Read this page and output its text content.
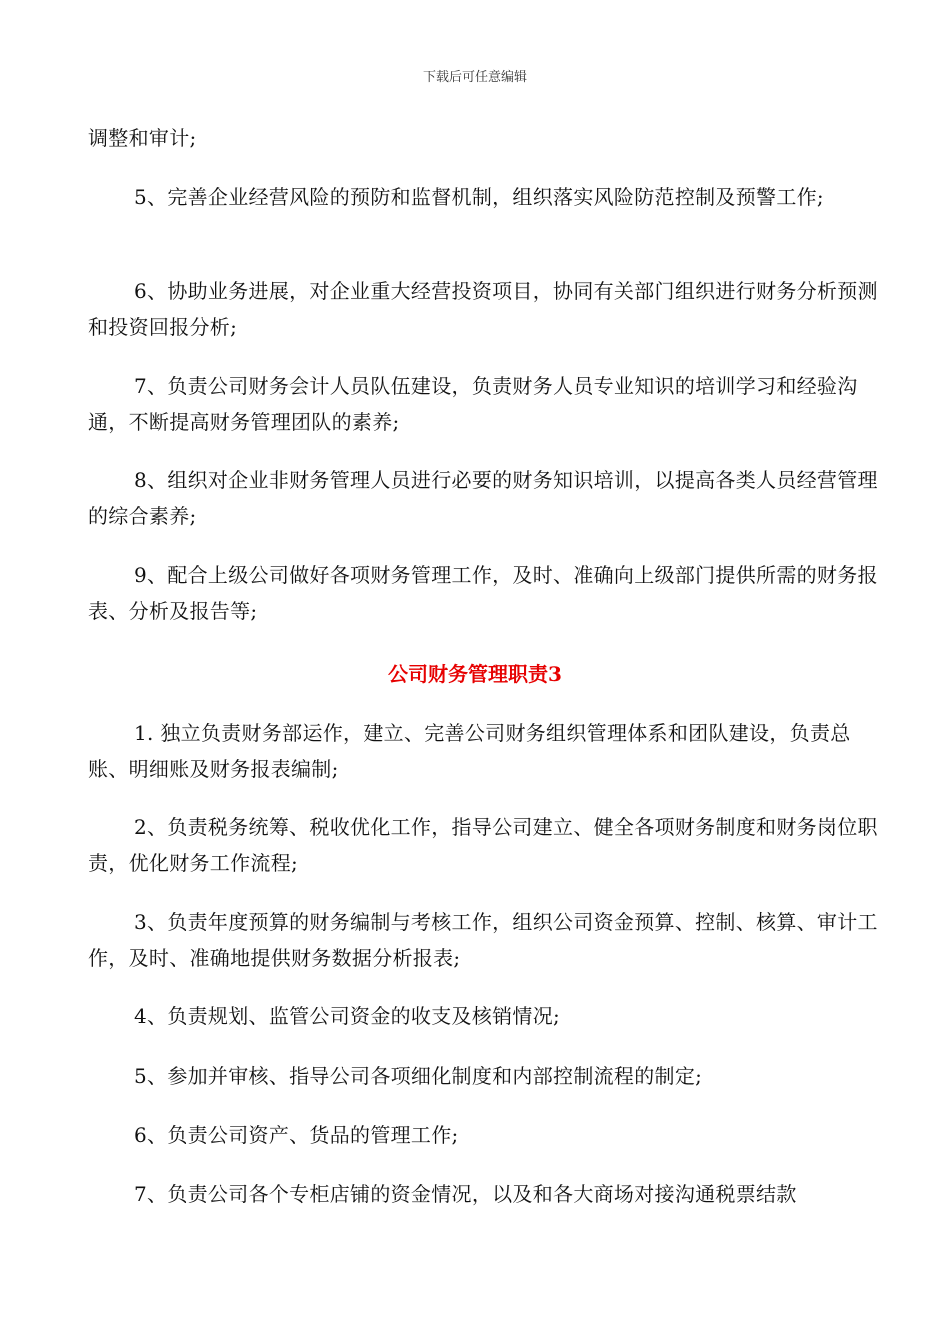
下载后可任意编辑

调整和审计;

5、完善企业经营风险的预防和监督机制，组织落实风险防范控制及预警工作;

6、协助业务进展，对企业重大经营投资项目，协同有关部门组织进行财务分析预测和投资回报分析;

7、负责公司财务会计人员队伍建设，负责财务人员专业知识的培训学习和经验沟通，不断提高财务管理团队的素养;

8、组织对企业非财务管理人员进行必要的财务知识培训，以提高各类人员经营管理的综合素养;

9、配合上级公司做好各项财务管理工作，及时、准确向上级部门提供所需的财务报表、分析及报告等;

公司财务管理职责3

1. 独立负责财务部运作，建立、完善公司财务组织管理体系和团队建设，负责总账、明细账及财务报表编制;

2、负责税务统筹、税收优化工作，指导公司建立、健全各项财务制度和财务岗位职责，优化财务工作流程;

3、负责年度预算的财务编制与考核工作，组织公司资金预算、控制、核算、审计工作，及时、准确地提供财务数据分析报表;

4、负责规划、监管公司资金的收支及核销情况;

5、参加并审核、指导公司各项细化制度和内部控制流程的制定;

6、负责公司资产、货品的管理工作;

7、负责公司各个专柜店铺的资金情况，以及和各大商场对接沟通税票结款
